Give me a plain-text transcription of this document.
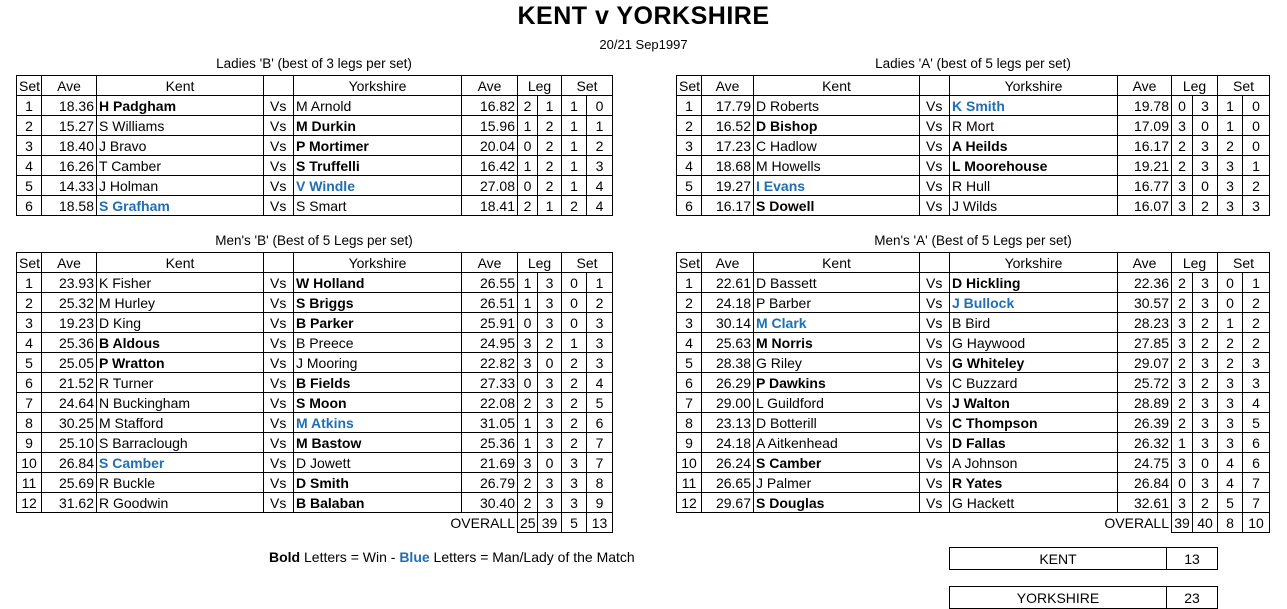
KENT v YORKSHIRE
20/21 Sep1997
Ladies 'B' (best of 3 legs per set)
Set	Ave	Kent		Yorkshire	Ave	Leg		Set	
1	18.36	H Padgham	Vs	M Arnold	16.82	2	1	1	0
2	15.27	S Williams	Vs	M Durkin	15.96	1	2	1	1
3	18.40	J Bravo	Vs	P Mortimer	20.04	0	2	1	2
4	16.26	T Camber	Vs	S Truffelli	16.42	1	2	1	3
5	14.33	J Holman	Vs	V Windle	27.08	0	2	1	4
6	18.58	S Grafham	Vs	S Smart	18.41	2	1	2	4
Ladies 'A' (best of 5 legs per set)
Set	Ave	Kent		Yorkshire	Ave	Leg		Set	
1	17.79	D Roberts	Vs	K Smith	19.78	0	3	1	0
2	16.52	D Bishop	Vs	R Mort	17.09	3	0	1	0
3	17.23	C Hadlow	Vs	A Heilds	16.17	2	3	2	0
4	18.68	M Howells	Vs	L Moorehouse	19.21	2	3	3	1
5	19.27	I Evans	Vs	R Hull	16.77	3	0	3	2
6	16.17	S Dowell	Vs	J Wilds	16.07	3	2	3	3
Men's 'B' (Best of 5 Legs per set)
Set	Ave	Kent		Yorkshire	Ave	Leg		Set	
1	23.93	K Fisher	Vs	W Holland	26.55	1	3	0	1
2	25.32	M Hurley	Vs	S Briggs	26.51	1	3	0	2
3	19.23	D King	Vs	B Parker	25.91	0	3	0	3
4	25.36	B Aldous	Vs	B Preece	24.95	3	2	1	3
5	25.05	P Wratton	Vs	J Mooring	22.82	3	0	2	3
6	21.52	R Turner	Vs	B Fields	27.33	0	3	2	4
7	24.64	N Buckingham	Vs	S Moon	22.08	2	3	2	5
8	30.25	M Stafford	Vs	M Atkins	31.05	1	3	2	6
9	25.10	S Barraclough	Vs	M Bastow	25.36	1	3	2	7
10	26.84	S Camber	Vs	D Jowett	21.69	3	0	3	7
11	25.69	R Buckle	Vs	D Smith	26.79	2	3	3	8
12	31.62	R Goodwin	Vs	B Balaban	30.40	2	3	3	9
OVERALL						25	39	5	13
Men's 'A' (Best of 5 Legs per set)
Set	Ave	Kent		Yorkshire	Ave	Leg		Set	
1	22.61	D Bassett	Vs	D Hickling	22.36	2	3	0	1
2	24.18	P Barber	Vs	J Bullock	30.57	2	3	0	2
3	30.14	M Clark	Vs	B Bird	28.23	3	2	1	2
4	25.63	M Norris	Vs	G Haywood	27.85	3	2	2	2
5	28.38	G Riley	Vs	G Whiteley	29.07	2	3	2	3
6	26.29	P Dawkins	Vs	C Buzzard	25.72	3	2	3	3
7	29.00	L Guildford	Vs	J Walton	28.89	2	3	3	4
8	23.13	D Botterill	Vs	C Thompson	26.39	2	3	3	5
9	24.18	A Aitkenhead	Vs	D Fallas	26.32	1	3	3	6
10	26.24	S Camber	Vs	A Johnson	24.75	3	0	4	6
11	26.65	J Palmer	Vs	R Yates	26.84	0	3	4	7
12	29.67	S Douglas	Vs	G Hackett	32.61	3	2	5	7
OVERALL						39	40	8	10
Bold Letters = Win - Blue Letters = Man/Lady of the Match	KENT	13
YORKSHIRE	23
